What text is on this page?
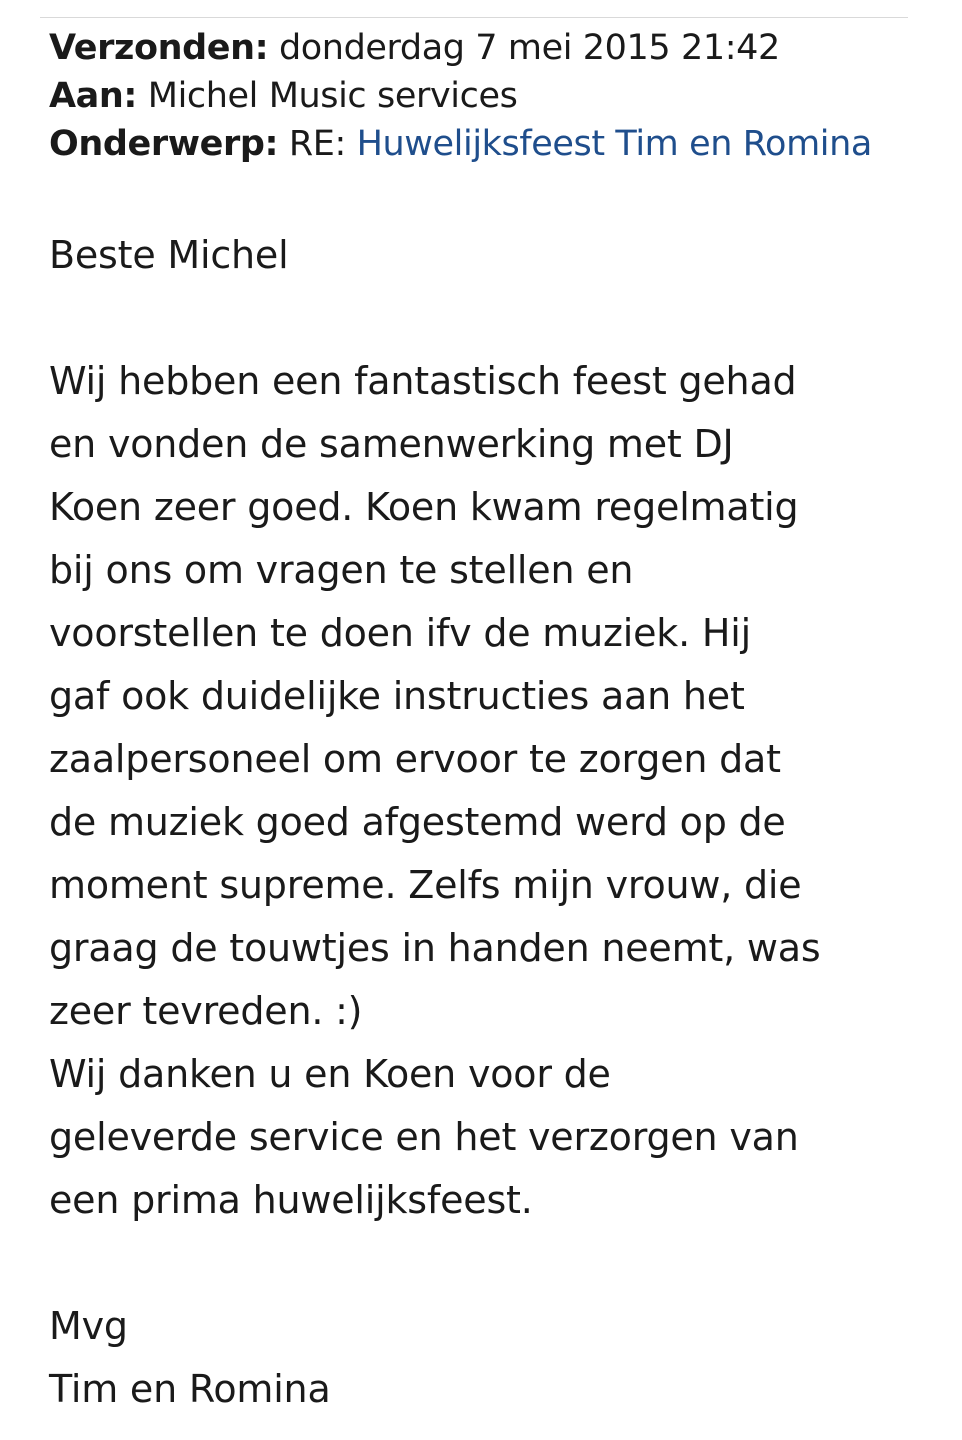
Verzonden: donderdag 7 mei 2015 21:42
Aan: Michel Music services
Onderwerp: RE: Huwelijksfeest Tim en Romina
Beste Michel
Wij hebben een fantastisch feest gehad
en vonden de samenwerking met DJ
Koen zeer goed. Koen kwam regelmatig
bij ons om vragen te stellen en
voorstellen te doen ifv de muziek. Hij
gaf ook duidelijke instructies aan het
zaalpersoneel om ervoor te zorgen dat
de muziek goed afgestemd werd op de
moment supreme. Zelfs mijn vrouw, die
graag de touwtjes in handen neemt, was
zeer tevreden. :)
Wij danken u en Koen voor de
geleverde service en het verzorgen van
een prima huwelijksfeest.
Mvg
Tim en Romina
